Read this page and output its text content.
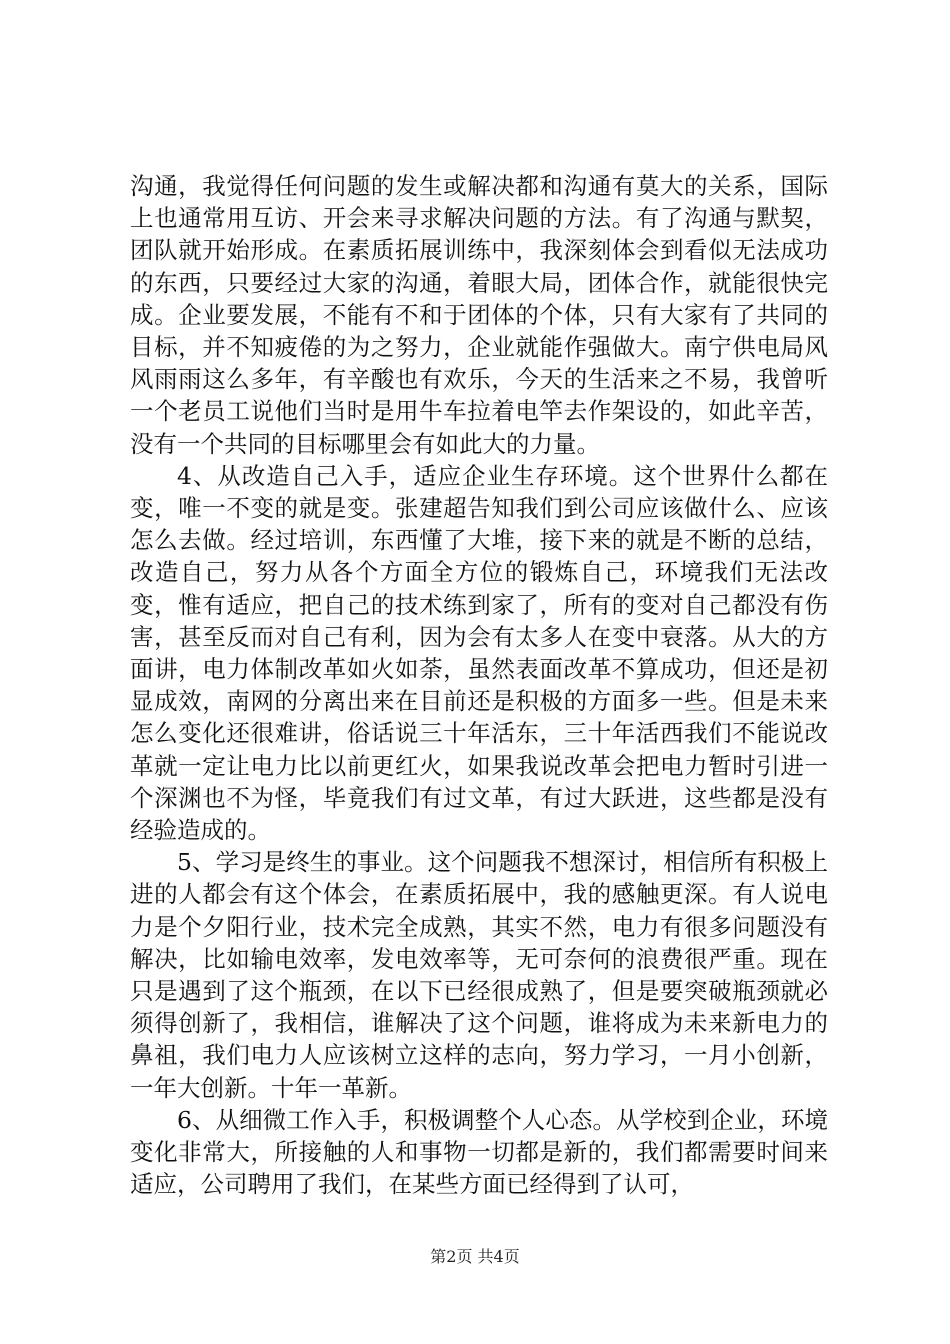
沟通，我觉得任何问题的发生或解决都和沟通有莫大的关系，国际上也通常用互访、开会来寻求解决问题的方法。有了沟通与默契，团队就开始形成。在素质拓展训练中，我深刻体会到看似无法成功的东西，只要经过大家的沟通，着眼大局，团体合作，就能很快完成。企业要发展，不能有不和于团体的个体，只有大家有了共同的目标，并不知疲倦的为之努力，企业就能作强做大。南宁供电局风风雨雨这么多年，有辛酸也有欢乐，今天的生活来之不易，我曾听一个老员工说他们当时是用牛车拉着电竿去作架设的，如此辛苦，没有一个共同的目标哪里会有如此大的力量。

4、从改造自己入手，适应企业生存环境。这个世界什么都在变，唯一不变的就是变。张建超告知我们到公司应该做什么、应该怎么去做。经过培训，东西懂了大堆，接下来的就是不断的总结，改造自己，努力从各个方面全方位的锻炼自己，环境我们无法改变，惟有适应，把自己的技术练到家了，所有的变对自己都没有伤害，甚至反而对自己有利，因为会有太多人在变中衰落。从大的方面讲，电力体制改革如火如荼，虽然表面改革不算成功，但还是初显成效，南网的分离出来在目前还是积极的方面多一些。但是未来怎么变化还很难讲，俗话说三十年活东，三十年活西我们不能说改革就一定让电力比以前更红火，如果我说改革会把电力暂时引进一个深渊也不为怪，毕竟我们有过文革，有过大跃进，这些都是没有经验造成的。

5、学习是终生的事业。这个问题我不想深讨，相信所有积极上进的人都会有这个体会，在素质拓展中，我的感触更深。有人说电力是个夕阳行业，技术完全成熟，其实不然，电力有很多问题没有解决，比如输电效率，发电效率等，无可奈何的浪费很严重。现在只是遇到了这个瓶颈，在以下已经很成熟了，但是要突破瓶颈就必须得创新了，我相信，谁解决了这个问题，谁将成为未来新电力的鼻祖，我们电力人应该树立这样的志向，努力学习，一月小创新，一年大创新。十年一革新。

6、从细微工作入手，积极调整个人心态。从学校到企业，环境变化非常大，所接触的人和事物一切都是新的，我们都需要时间来适应，公司聘用了我们，在某些方面已经得到了认可，

第2页 共4页
